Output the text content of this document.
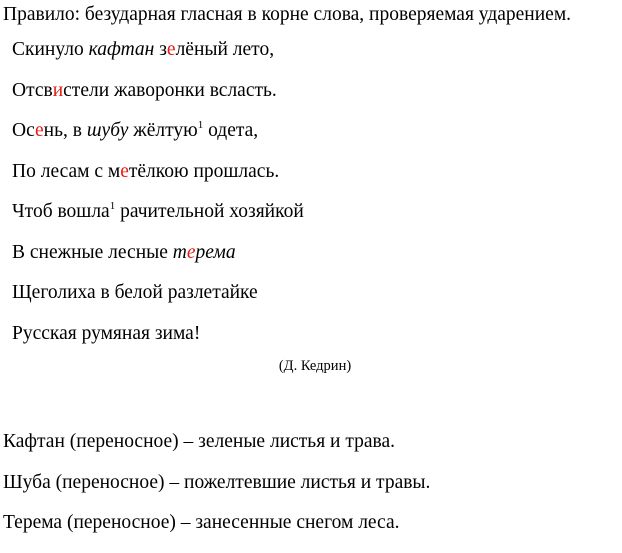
Правило: безударная гласная в корне слова, проверяемая ударением.
Скинуло кафтан зелёный лето,
Отсвистели жаворонки всласть.
Осень, в шубу жёлтую$^1$ одета,
По лесам с метёлкою прошлась.
Чтоб вошла$^1$ рачительной хозяйкой
В снежные лесные терема
Щеголиха в белой разлетайке
Русская румяная зима!
(Д. Кедрин)
Кафтан (переносное) – зеленые листья и трава.
Шуба (переносное) – пожелтевшие листья и травы.
Терема (переносное) – занесенные снегом леса.
